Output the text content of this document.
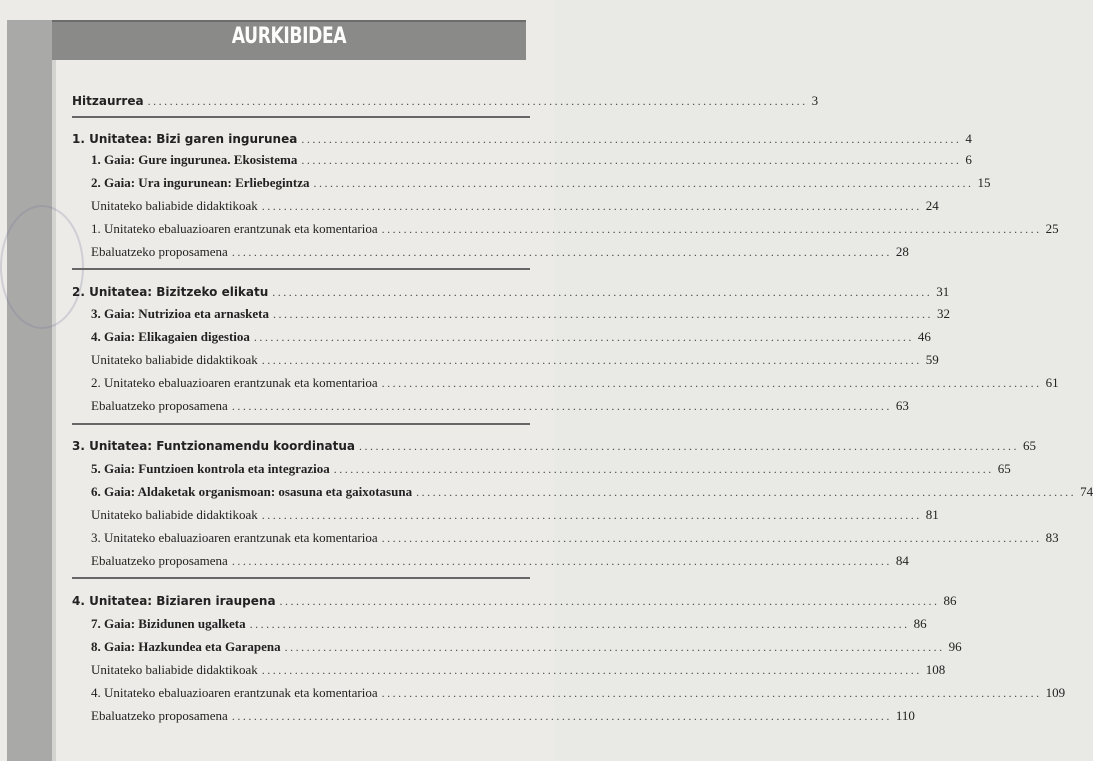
AURKIBIDEA
Hitzaurrea ........................................................................................................................ 3
1. Unitatea: Bizi garen ingurunea ........................................................................................................................ 4
1. Gaia: Gure ingurunea. Ekosistema ........................................................................................................................ 6
2. Gaia: Ura ingurunean: Erliebegintza ........................................................................................................................ 15
Unitateko baliabide didaktikoak ........................................................................................................................ 24
1. Unitateko ebaluazioaren erantzunak eta komentarioa ........................................................................................................................ 25
Ebaluatzeko proposamena ........................................................................................................................ 28
2. Unitatea: Bizitzeko elikatu ........................................................................................................................ 31
3. Gaia: Nutrizioa eta arnasketa ........................................................................................................................ 32
4. Gaia: Elikagaien digestioa ........................................................................................................................ 46
Unitateko baliabide didaktikoak ........................................................................................................................ 59
2. Unitateko ebaluazioaren erantzunak eta komentarioa ........................................................................................................................ 61
Ebaluatzeko proposamena ........................................................................................................................ 63
3. Unitatea: Funtzionamendu koordinatua ........................................................................................................................ 65
5. Gaia: Funtzioen kontrola eta integrazioa ........................................................................................................................ 65
6. Gaia: Aldaketak organismoan: osasuna eta gaixotasuna ........................................................................................................................ 74
Unitateko baliabide didaktikoak ........................................................................................................................ 81
3. Unitateko ebaluazioaren erantzunak eta komentarioa ........................................................................................................................ 83
Ebaluatzeko proposamena ........................................................................................................................ 84
4. Unitatea: Biziaren iraupena ........................................................................................................................ 86
7. Gaia: Bizidunen ugalketa ........................................................................................................................ 86
8. Gaia: Hazkundea eta Garapena ........................................................................................................................ 96
Unitateko baliabide didaktikoak ........................................................................................................................ 108
4. Unitateko ebaluazioaren erantzunak eta komentarioa ........................................................................................................................ 109
Ebaluatzeko proposamena ........................................................................................................................ 110
